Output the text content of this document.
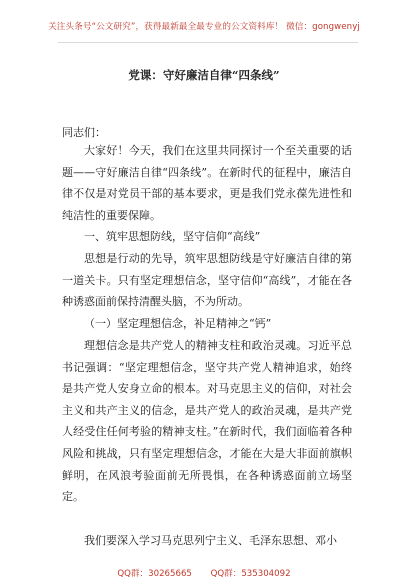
关注头条号“公文研究”，获得最新最全最专业的公文资料库！ 微信：gongwenyj
党课：守好廉洁自律“四条线”
同志们：

大家好！今天，我们在这里共同探讨一个至关重要的话题——守好廉洁自律“四条线”。在新时代的征程中，廉洁自律不仅是对党员干部的基本要求，更是我们党永葆先进性和纯洁性的重要保障。

一、筑牢思想防线，坚守信仰“高线”

思想是行动的先导，筑牢思想防线是守好廉洁自律的第一道关卡。只有坚定理想信念，坚守信仰“高线”，才能在各种诱惑面前保持清醒头脑，不为所动。

（一）坚定理想信念，补足精神之“钙”

理想信念是共产党人的精神支柱和政治灵魂。习近平总书记强调：“坚定理想信念，坚守共产党人精神追求，始终是共产党人安身立命的根本。对马克思主义的信仰，对社会主义和共产主义的信念，是共产党人的政治灵魂，是共产党人经受住任何考验的精神支柱。”在新时代，我们面临着各种风险和挑战，只有坚定理想信念，才能在大是大非面前旗帜鲜明，在风浪考验面前无所畏惧，在各种诱惑面前立场坚定。

我们要深入学习马克思列宁主义、毛泽东思想、邓小

QQ群：30265665 QQ群：535304092
